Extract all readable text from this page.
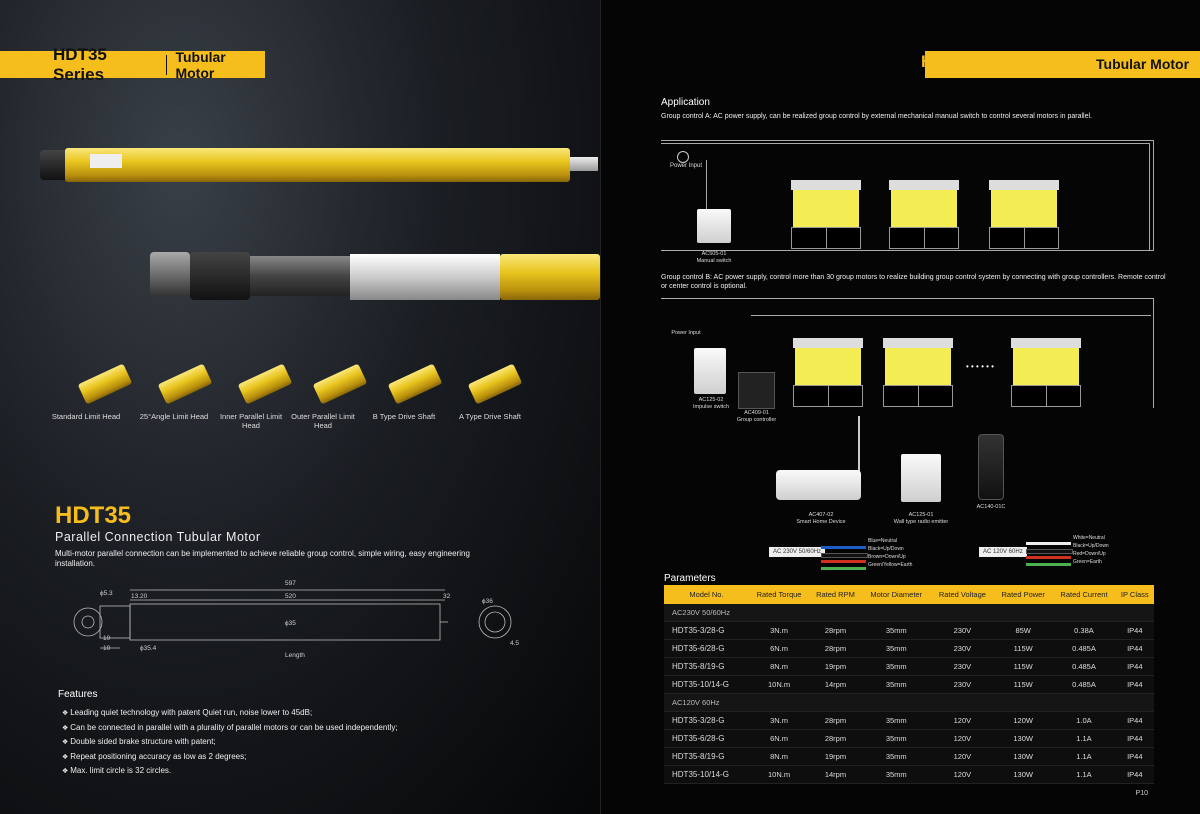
HDT35 Series
Tubular Motor
Standard Limit Head	25°Angle Limit Head	Inner Parallel Limit Head
Outer Parallel Limit Head
B Type Drive Shaft	A Type Drive Shaft
HDT35
Parallel Connection Tubular Motor
Multi-motor parallel connection can be implemented to achieve reliable group control, simple wiring, easy engineering installation.
597
520
13.20	32
ϕ35
Length
ϕ5.3
10
10	ϕ35.4
ϕ36
4.5
Features
❖ Leading quiet technology with patent Quiet run, noise lower to 45dB;
❖ Can be connected in parallel with a plurality of parallel motors or can be used independently;
❖ Double sided brake structure with patent;
❖ Repeat positioning accuracy as low as 2 degrees;
❖ Max. limit circle is 32 circles.
Tubular Motor
HDT35 Series
Application
Group control A: AC power supply, can be realized group control by external mechanical manual switch to control several motors in parallel.
Power Input
AC505-01
Manual switch
Group control B: AC power supply, control more than 30 group motors to realize building group control system by connecting with group controllers. Remote control or center control is optional.
Power Input
AC125-02
Impulse switch
AC409-01
Group controller
• • • • • •
AC407-02
Smart Home Device
AC125-01
Wall type radio emitter
AC140-01C
AC 230V 50/60Hz
Blue=Neutral
Black=Up/Down
Brown=Down/Up
Green/Yellow=Earth
AC 120V 60Hz
White=Neutral
Black=Up/Down
Red=Down/Up
Green=Earth
Parameters
Model No.	Rated Torque	Rated RPM	Motor Diameter	Rated Voltage	Rated Power	Rated Current	IP Class
AC230V 50/60Hz							
HDT35-3/28-G	3N.m	28rpm	35mm	230V	85W	0.38A	IP44
HDT35-6/28-G	6N.m	28rpm	35mm	230V	115W	0.485A	IP44
HDT35-8/19-G	8N.m	19rpm	35mm	230V	115W	0.485A	IP44
HDT35-10/14-G	10N.m	14rpm	35mm	230V	115W	0.485A	IP44
AC120V 60Hz							
HDT35-3/28-G	3N.m	28rpm	35mm	120V	120W	1.0A	IP44
HDT35-6/28-G	6N.m	28rpm	35mm	120V	130W	1.1A	IP44
HDT35-8/19-G	8N.m	19rpm	35mm	120V	130W	1.1A	IP44
HDT35-10/14-G	10N.m	14rpm	35mm	120V	130W	1.1A	IP44
P10
